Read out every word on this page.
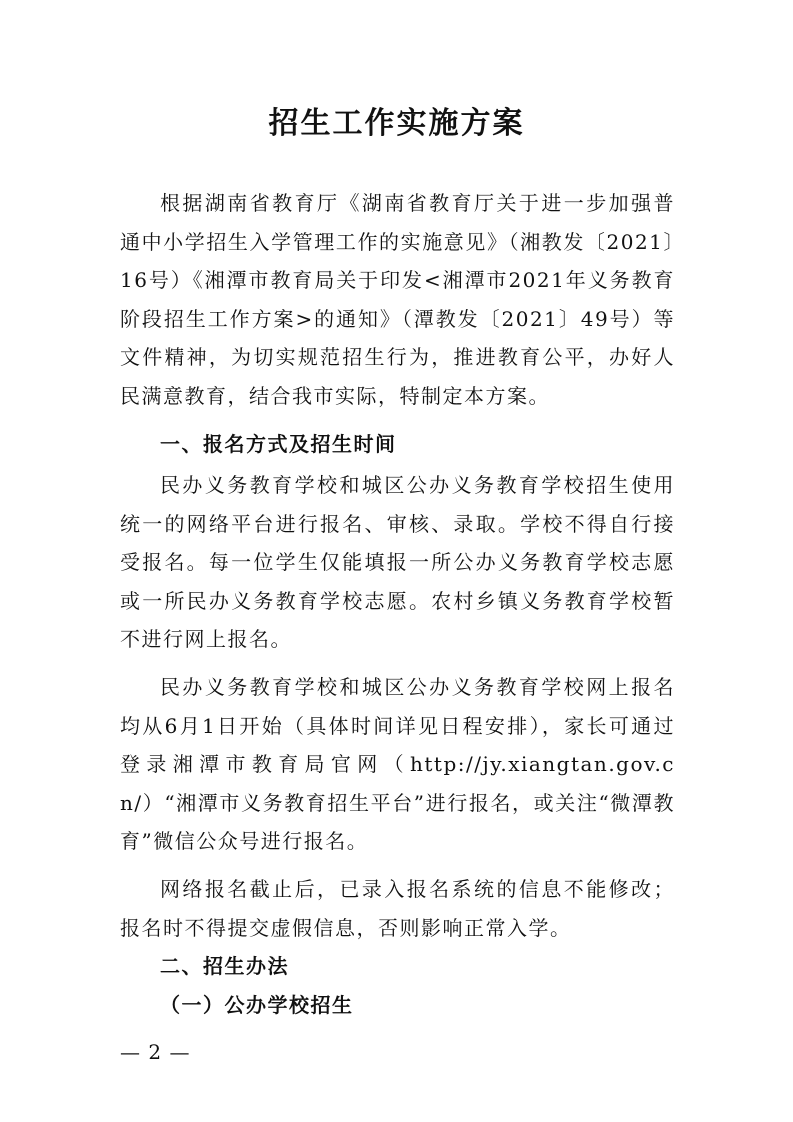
招生工作实施方案

根据湖南省教育厅《湖南省教育厅关于进一步加强普通中小学招生入学管理工作的实施意见》（湘教发〔2021〕16号）《湘潭市教育局关于印发<湘潭市2021年义务教育阶段招生工作方案>的通知》（潭教发〔2021〕49号）等文件精神，为切实规范招生行为，推进教育公平，办好人民满意教育，结合我市实际，特制定本方案。

一、报名方式及招生时间

民办义务教育学校和城区公办义务教育学校招生使用统一的网络平台进行报名、审核、录取。学校不得自行接受报名。每一位学生仅能填报一所公办义务教育学校志愿或一所民办义务教育学校志愿。农村乡镇义务教育学校暂不进行网上报名。

民办义务教育学校和城区公办义务教育学校网上报名均从6月1日开始（具体时间详见日程安排），家长可通过登录湘潭市教育局官网（http://jy.xiangtan.gov.cn/）“湘潭市义务教育招生平台”进行报名，或关注“微潭教育”微信公众号进行报名。

网络报名截止后，已录入报名系统的信息不能修改；报名时不得提交虚假信息，否则影响正常入学。

二、招生办法
（一）公办学校招生
— 2 —
